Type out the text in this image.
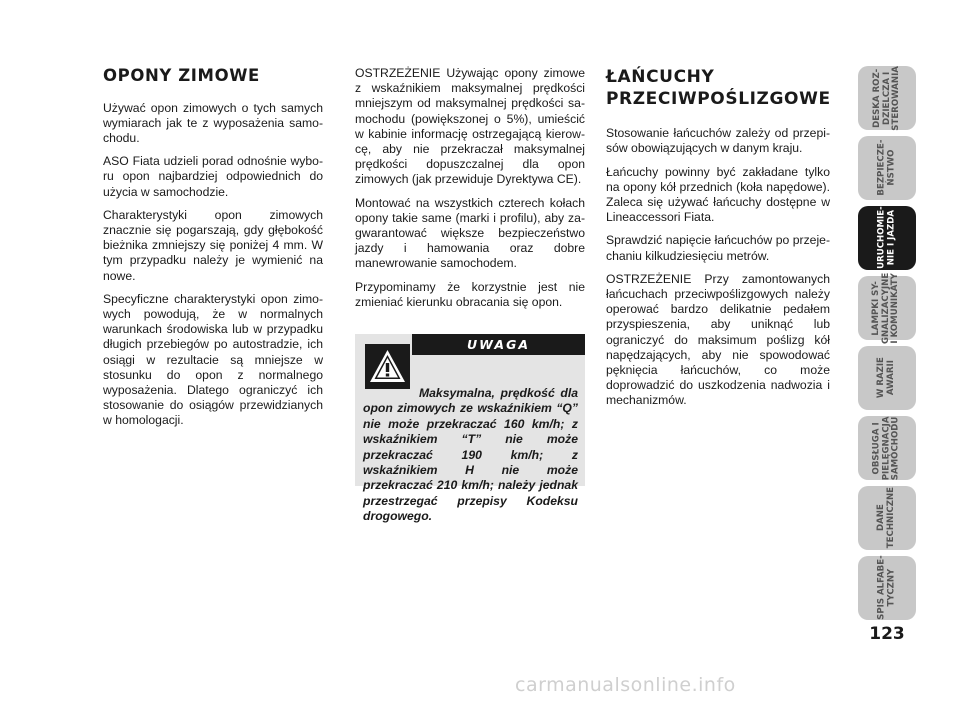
OPONY ZIMOWE

Używać opon zimowych o tych samych wymiarach jak te z wyposażenia samochodu.

ASO Fiata udzieli porad odnośnie wyboru opon najbardziej odpowiednich do użycia w samochodzie.

Charakterystyki opon zimowych znacznie się pogarszają, gdy głębokość bieżnika zmniejszy się poniżej 4 mm. W tym przypadku należy je wymienić na nowe.

Specyficzne charakterystyki opon zimowych powodują, że w normalnych warunkach środowiska lub w przypadku długich przebiegów po autostradzie, ich osiągi w rezultacie są mniejsze w stosunku do opon z normalnego wyposażenia. Dlatego ograniczyć ich stosowanie do osiągów przewidzianych w homologacji.

OSTRZEŻENIE Używając opony zimowe z wskaźnikiem maksymalnej prędkości mniejszym od maksymalnej prędkości samochodu (powiększonej o 5%), umieścić w kabinie informację ostrzegającą kierowcę, aby nie przekraczał maksymalnej prędkości dopuszczalnej dla opon zimowych (jak przewiduje Dyrektywa CE).

Montować na wszystkich czterech kołach opony takie same (marki i profilu), aby zagwarantować większe bezpieczeństwo jazdy i hamowania oraz dobre manewrowanie samochodem.

Przypominamy że korzystnie jest nie zmieniać kierunku obracania się opon.

UWAGA
Maksymalna, prędkość dla opon zimowych ze wskaźnikiem “Q” nie może przekraczać 160 km/h; z wskaźnikiem “T” nie może przekraczać 190 km/h; z wskaźnikiem H nie może przekraczać 210 km/h; należy jednak przestrzegać przepisy Kodeksu drogowego.
ŁAŃCUCHY
PRZECIWPOŚLIZGOWE

Stosowanie łańcuchów zależy od przepisów obowiązujących w danym kraju.

Łańcuchy powinny być zakładane tylko na opony kół przednich (koła napędowe). Zaleca się używać łańcuchy dostępne w Lineaccessori Fiata.

Sprawdzić napięcie łańcuchów po przejechaniu kilkudziesięciu metrów.

OSTRZEŻENIE Przy zamontowanych łańcuchach przeciwpoślizgowych należy operować bardzo delikatnie pedałem przyspieszenia, aby uniknąć lub ograniczyć do maksimum poślizg kół napędzających, aby nie spowodować pęknięcia łańcuchów, co może doprowadzić do uszkodzenia nadwozia i mechanizmów.

DESKA ROZ-
DZIELCZA I
STEROWANIA
BEZPIECZE-
ŃSTWO
URUCHOMIE-
NIE I JAZDA
LAMPKI SY-
GNALIZACYJNE
I KOMUNIKATY
W RAZIE
AWARII
OBSŁUGA I
PIELĘGNACJA
SAMOCHODU
DANE
TECHNICZNE
SPIS ALFABE-
TYCZNY
123
carmanualsonline.info
